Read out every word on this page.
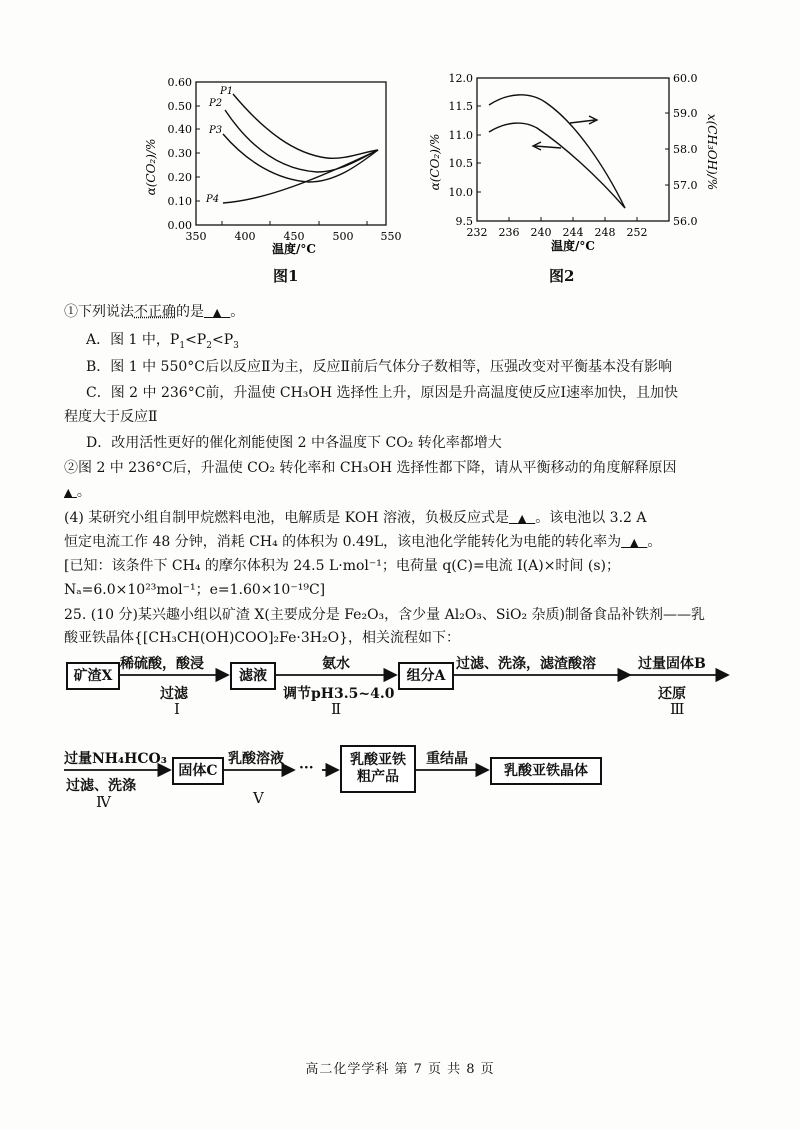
0.60
0.50
0.40
0.30
0.20
0.10
0.00
350	400	450	500 550
α(CO₂)/%
温度/°C
P1
P2
P3
P4
图1
12.0
11.5
11.0
10.5
10.0
9.5
60.0
59.0
58.0
57.0
56.0
232 236 240 244 248 252
α(CO₂)/%	x(CH₃OH)/%
温度/°C
图2
①下列说法不正确的是 ▲ 。
A．图 1 中，$P_1<P_2<P_3$
B．图 1 中 550°C后以反应Ⅱ为主，反应Ⅱ前后气体分子数相等，压强改变对平衡基本没有影响
C．图 2 中 236°C前，升温使 CH₃OH 选择性上升，原因是升高温度使反应Ⅰ速率加快，且加快
程度大于反应Ⅱ
D．改用活性更好的催化剂能使图 2 中各温度下 CO₂ 转化率都增大
②图 2 中 236°C后，升温使 CO₂ 转化率和 CH₃OH 选择性都下降，请从平衡移动的角度解释原因
▲ 。
(4) 某研究小组自制甲烷燃料电池，电解质是 KOH 溶液，负极反应式是 ▲ 。该电池以 3.2 A
恒定电流工作 48 分钟，消耗 CH₄ 的体积为 0.49L，该电池化学能转化为电能的转化率为 ▲ 。
[已知：该条件下 CH₄ 的摩尔体积为 24.5 L·mol⁻¹；电荷量 q(C)=电流 I(A)×时间 (s)；
Nₐ=6.0×10²³mol⁻¹；e=1.60×10⁻¹⁹C]
25. (10 分)某兴趣小组以矿渣 X(主要成分是 Fe₂O₃，含少量 Al₂O₃、SiO₂ 杂质)制备食品补铁剂——乳
酸亚铁晶体{[CH₃CH(OH)COO]₂Fe·3H₂O}，相关流程如下：
矿渣X	滤液	组分A
固体C
乳酸亚铁
粗产品	乳酸亚铁晶体
稀硫酸，酸浸
过滤
Ⅰ
氨水
调节pH3.5~4.0
Ⅱ
过滤、洗涤，滤渣酸溶	过量固体B
还原
Ⅲ
过量NH₄HCO₃
过滤、洗涤
Ⅳ
乳酸溶液
Ⅴ
···
重结晶
高二化学学科 第 7 页 共 8 页
